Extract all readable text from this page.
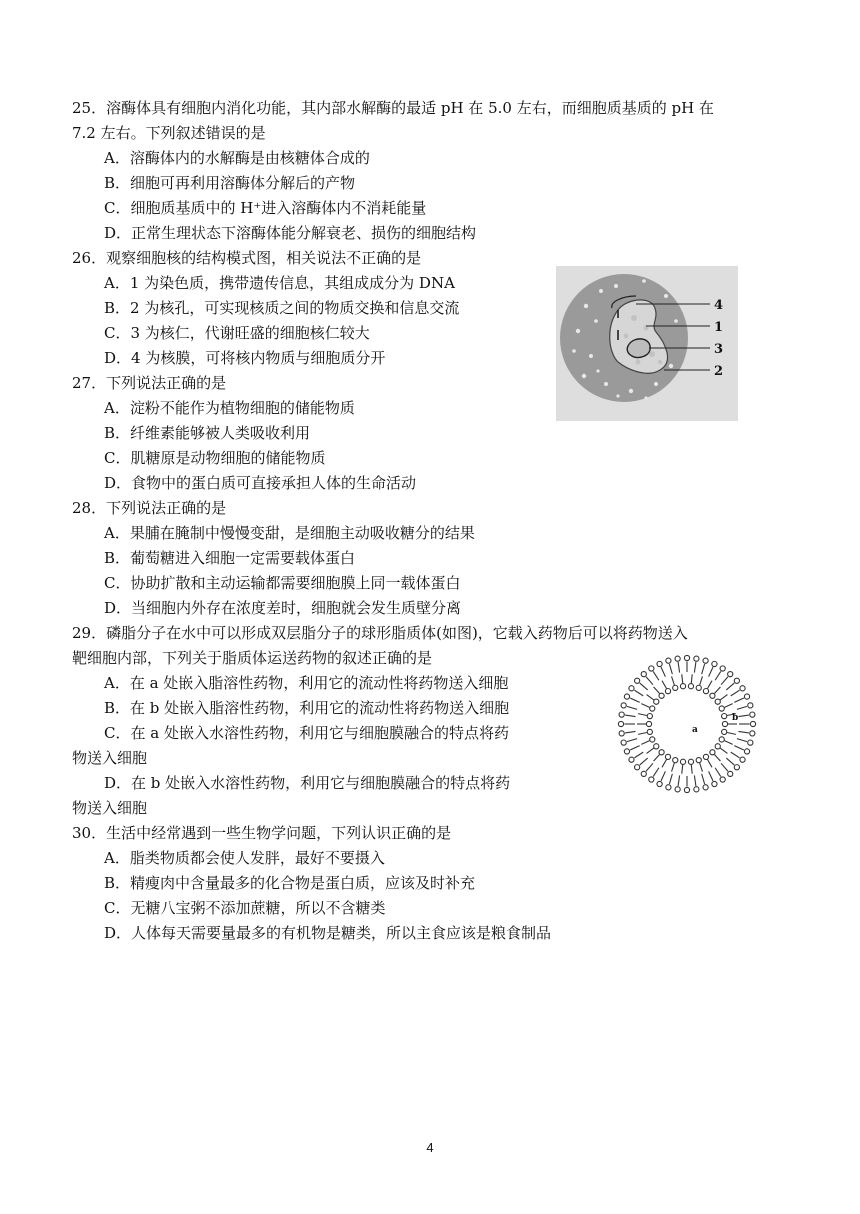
25．溶酶体具有细胞内消化功能，其内部水解酶的最适 pH 在 5.0 左右，而细胞质基质的 pH 在
7.2 左右。下列叙述错误的是
A．溶酶体内的水解酶是由核糖体合成的
B．细胞可再利用溶酶体分解后的产物
C．细胞质基质中的 H⁺进入溶酶体内不消耗能量
D．正常生理状态下溶酶体能分解衰老、损伤的细胞结构
26．观察细胞核的结构模式图，相关说法不正确的是
A．1 为染色质，携带遗传信息，其组成成分为 DNA
B．2 为核孔，可实现核质之间的物质交换和信息交流
C．3 为核仁，代谢旺盛的细胞核仁较大
D．4 为核膜，可将核内物质与细胞质分开
4
1
3
2
27．下列说法正确的是
A．淀粉不能作为植物细胞的储能物质
B．纤维素能够被人类吸收利用
C．肌糖原是动物细胞的储能物质
D．食物中的蛋白质可直接承担人体的生命活动
28．下列说法正确的是
A．果脯在腌制中慢慢变甜，是细胞主动吸收糖分的结果
B．葡萄糖进入细胞一定需要载体蛋白
C．协助扩散和主动运输都需要细胞膜上同一载体蛋白
D．当细胞内外存在浓度差时，细胞就会发生质壁分离
29．磷脂分子在水中可以形成双层脂分子的球形脂质体(如图)，它载入药物后可以将药物送入
靶细胞内部，下列关于脂质体运送药物的叙述正确的是
A．在 a 处嵌入脂溶性药物，利用它的流动性将药物送入细胞
B．在 b 处嵌入脂溶性药物，利用它的流动性将药物送入细胞
C．在 a 处嵌入水溶性药物，利用它与细胞膜融合的特点将药
物送入细胞
D．在 b 处嵌入水溶性药物，利用它与细胞膜融合的特点将药
物送入细胞
a
b
30．生活中经常遇到一些生物学问题，下列认识正确的是
A．脂类物质都会使人发胖，最好不要摄入
B．精瘦肉中含量最多的化合物是蛋白质，应该及时补充
C．无糖八宝粥不添加蔗糖，所以不含糖类
D．人体每天需要量最多的有机物是糖类，所以主食应该是粮食制品
4
